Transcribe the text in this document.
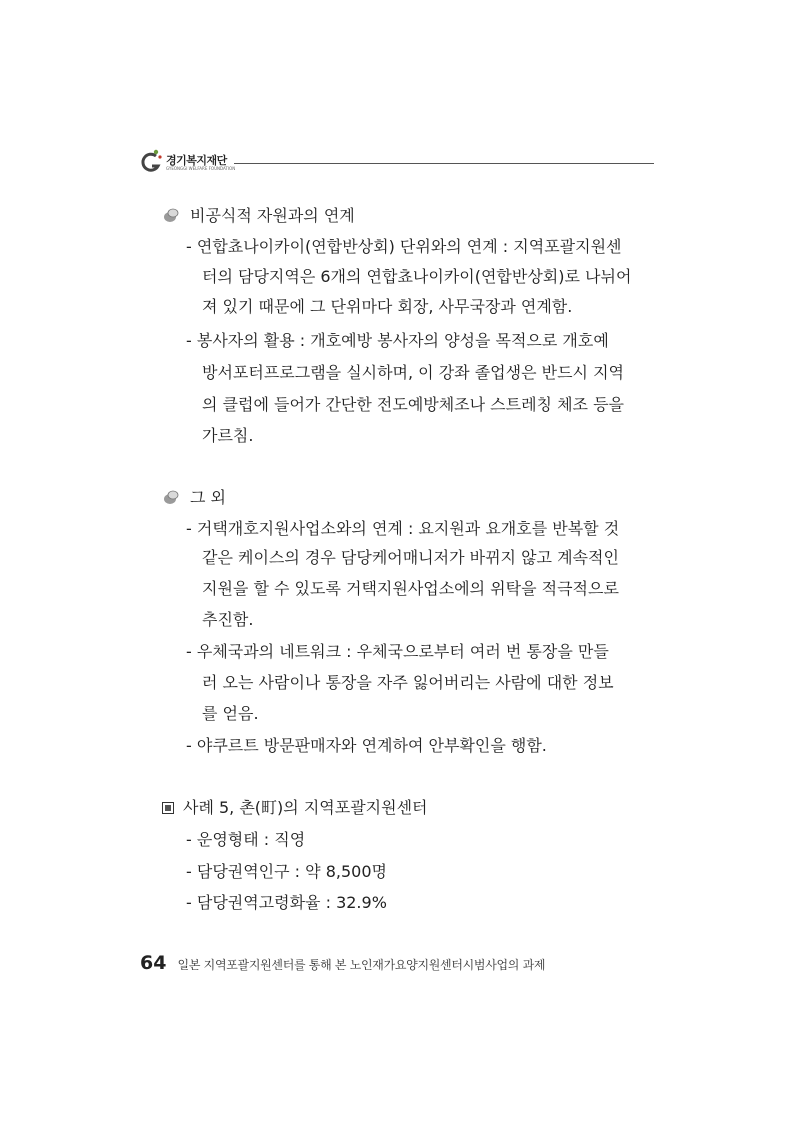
경기복지재단
GYEONGGI WELFARE FOUNDATION
비공식적 자원과의 연계
- 연합쵸나이카이(연합반상회) 단위와의 연계 : 지역포괄지원센
터의 담당지역은 6개의 연합쵸나이카이(연합반상회)로 나뉘어
져 있기 때문에 그 단위마다 회장, 사무국장과 연계함.
- 봉사자의 활용 : 개호예방 봉사자의 양성을 목적으로 개호예
방서포터프로그램을 실시하며, 이 강좌 졸업생은 반드시 지역
의 클럽에 들어가 간단한 전도예방체조나 스트레칭 체조 등을
가르침.
그 외
- 거택개호지원사업소와의 연계 : 요지원과 요개호를 반복할 것
같은 케이스의 경우 담당케어매니저가 바뀌지 않고 계속적인
지원을 할 수 있도록 거택지원사업소에의 위탁을 적극적으로
추진함.
- 우체국과의 네트워크 : 우체국으로부터 여러 번 통장을 만들
러 오는 사람이나 통장을 자주 잃어버리는 사람에 대한 정보
를 얻음.
- 야쿠르트 방문판매자와 연계하여 안부확인을 행함.
사례 5, 촌(町)의 지역포괄지원센터
- 운영형태 : 직영
- 담당권역인구 : 약 8,500명
- 담당권역고령화율 : 32.9%
64 일본 지역포괄지원센터를 통해 본 노인재가요양지원센터시범사업의 과제
